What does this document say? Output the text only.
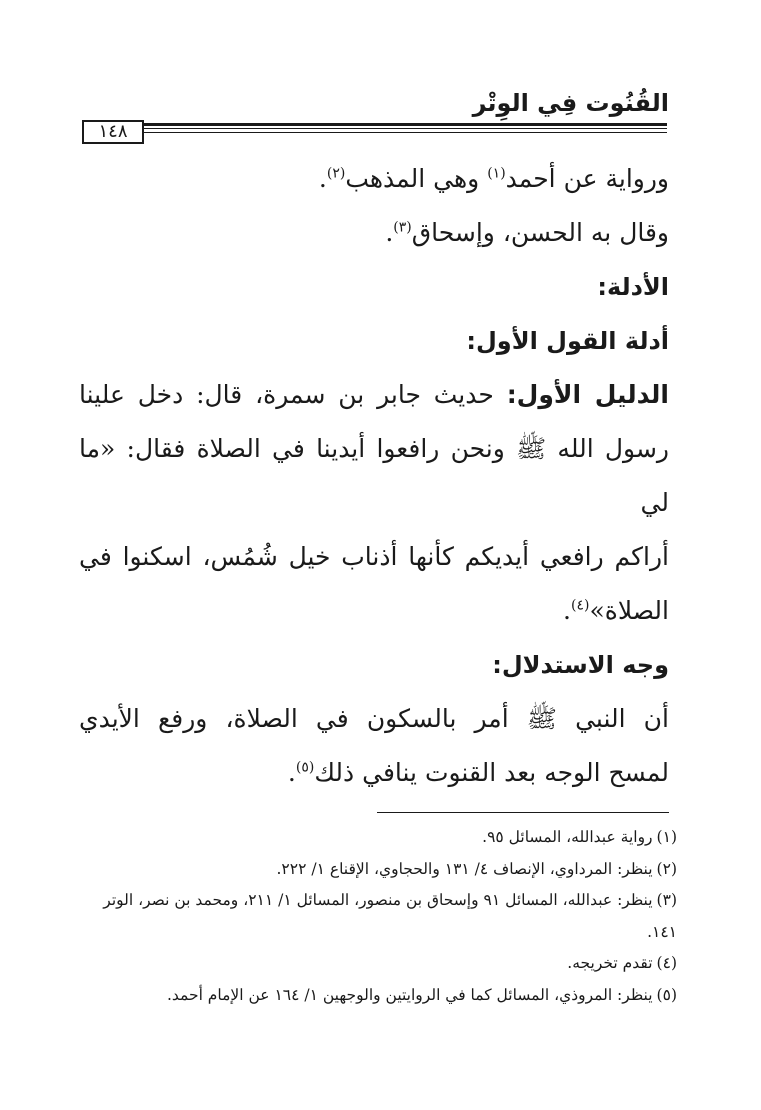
القُنُوت فِي الوِتْر
١٤٨

ورواية عن أحمد$^{(١)}$ وهي المذهب$^{(٢)}$.

وقال به الحسن، وإسحاق$^{(٣)}$.

الأدلة:

أدلة القول الأول:

الدليل الأول: حديث جابر بن سمرة، قال: دخل علينا

رسول الله ﷺ ونحن رافعوا أيدينا في الصلاة فقال: «ما لي

أراكم رافعي أيديكم كأنها أذناب خيل شُمُس، اسكنوا في

الصلاة»$^{(٤)}$.

وجه الاستدلال:

أن النبي ﷺ أمر بالسكون في الصلاة، ورفع الأيدي

لمسح الوجه بعد القنوت ينافي ذلك$^{(٥)}$.

(١)رواية عبدالله، المسائل ٩٥.

(٢)ينظر: المرداوي، الإنصاف ٤/ ١٣١ والحجاوي، الإقناع ١/ ٢٢٢.

(٣)ينظر: عبدالله، المسائل ٩١ وإسحاق بن منصور، المسائل ١/ ٢١١، ومحمد بن نصر، الوتر ١٤١.

(٤)تقدم تخريجه.

(٥)ينظر: المروذي، المسائل كما في الروايتين والوجهين ١/ ١٦٤ عن الإمام أحمد.
